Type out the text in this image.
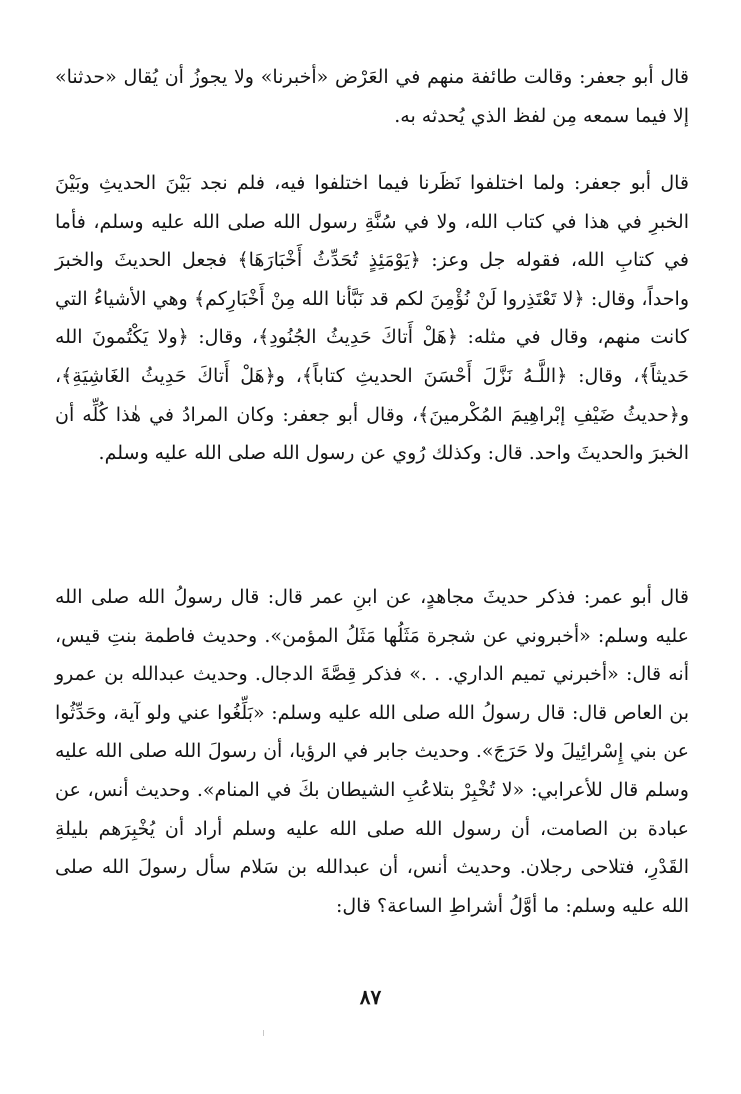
قال أبو جعفر: وقالت طائفة منهم في العَرْض «أخبرنا» ولا يجوزُ أن يُقال «حدثنا» إلا فيما سمعه مِن لفظ الذي يُحدثه به.

قال أبو جعفر: ولما اختلفوا نَظَرنا فيما اختلفوا فيه، فلم نجد بَيْنَ الحديثِ وبَيْنَ الخبرِ في هذا في كتاب الله، ولا في سُنَّةِ رسول الله صلى الله عليه وسلم، فأما في كتابِ الله، فقوله جل وعز: ﴿يَوْمَئِذٍ تُحَدِّثُ أَخْبَارَهَا﴾ فجعل الحديثَ والخبرَ واحداً، وقال: ﴿لا تَعْتَذِروا لَنْ نُؤْمِنَ لكم قد نَبَّأنا الله مِنْ أَخْبَارِكم﴾ وهي الأشياءُ التي كانت منهم، وقال في مثله: ﴿هَلْ أَتاكَ حَدِيثُ الجُنُودِ﴾، وقال: ﴿ولا يَكْتُمونَ الله حَديثاً﴾، وقال: ﴿اللَّـهُ نَزَّلَ أَحْسَنَ الحديثِ كتاباً﴾، و﴿هَلْ أَتاكَ حَدِيثُ الغَاشِيَةِ﴾، و﴿حديثُ ضَيْفِ إبْراهِيمَ المُكْرمينَ﴾، وقال أبو جعفر: وكان المرادُ في هٰذا كُلِّه أن الخبرَ والحديثَ واحد. قال: وكذلك رُوي عن رسول الله صلى الله عليه وسلم.

قال أبو عمر: فذكر حديثَ مجاهدٍ، عن ابنِ عمر قال: قال رسولُ الله صلى الله عليه وسلم: «أخبروني عن شجرة مَثَلُها مَثَلُ المؤمن». وحديث فاطمة بنتِ قيس، أنه قال: «أخبرني تميم الداري. . .» فذكر قِصَّةَ الدجال. وحديث عبدالله بن عمرو بن العاص قال: قال رسولُ الله صلى الله عليه وسلم: «بَلِّغُوا عني ولو آية، وحَدِّثُوا عن بني إِسْرائِيلَ ولا حَرَجَ». وحديث جابر في الرؤيا، أن رسولَ الله صلى الله عليه وسلم قال للأعرابي: «لا تُخْبِرْ بتلاعُبِ الشيطان بكَ في المنام». وحديث أنس، عن عبادة بن الصامت، أن رسول الله صلى الله عليه وسلم أراد أن يُخْبِرَهم بليلةِ القَدْرِ، فتلاحى رجلان. وحديث أنس، أن عبدالله بن سَلام سأل رسولَ الله صلى الله عليه وسلم: ما أوَّلُ أشراطِ الساعة؟ قال:

٨٧
